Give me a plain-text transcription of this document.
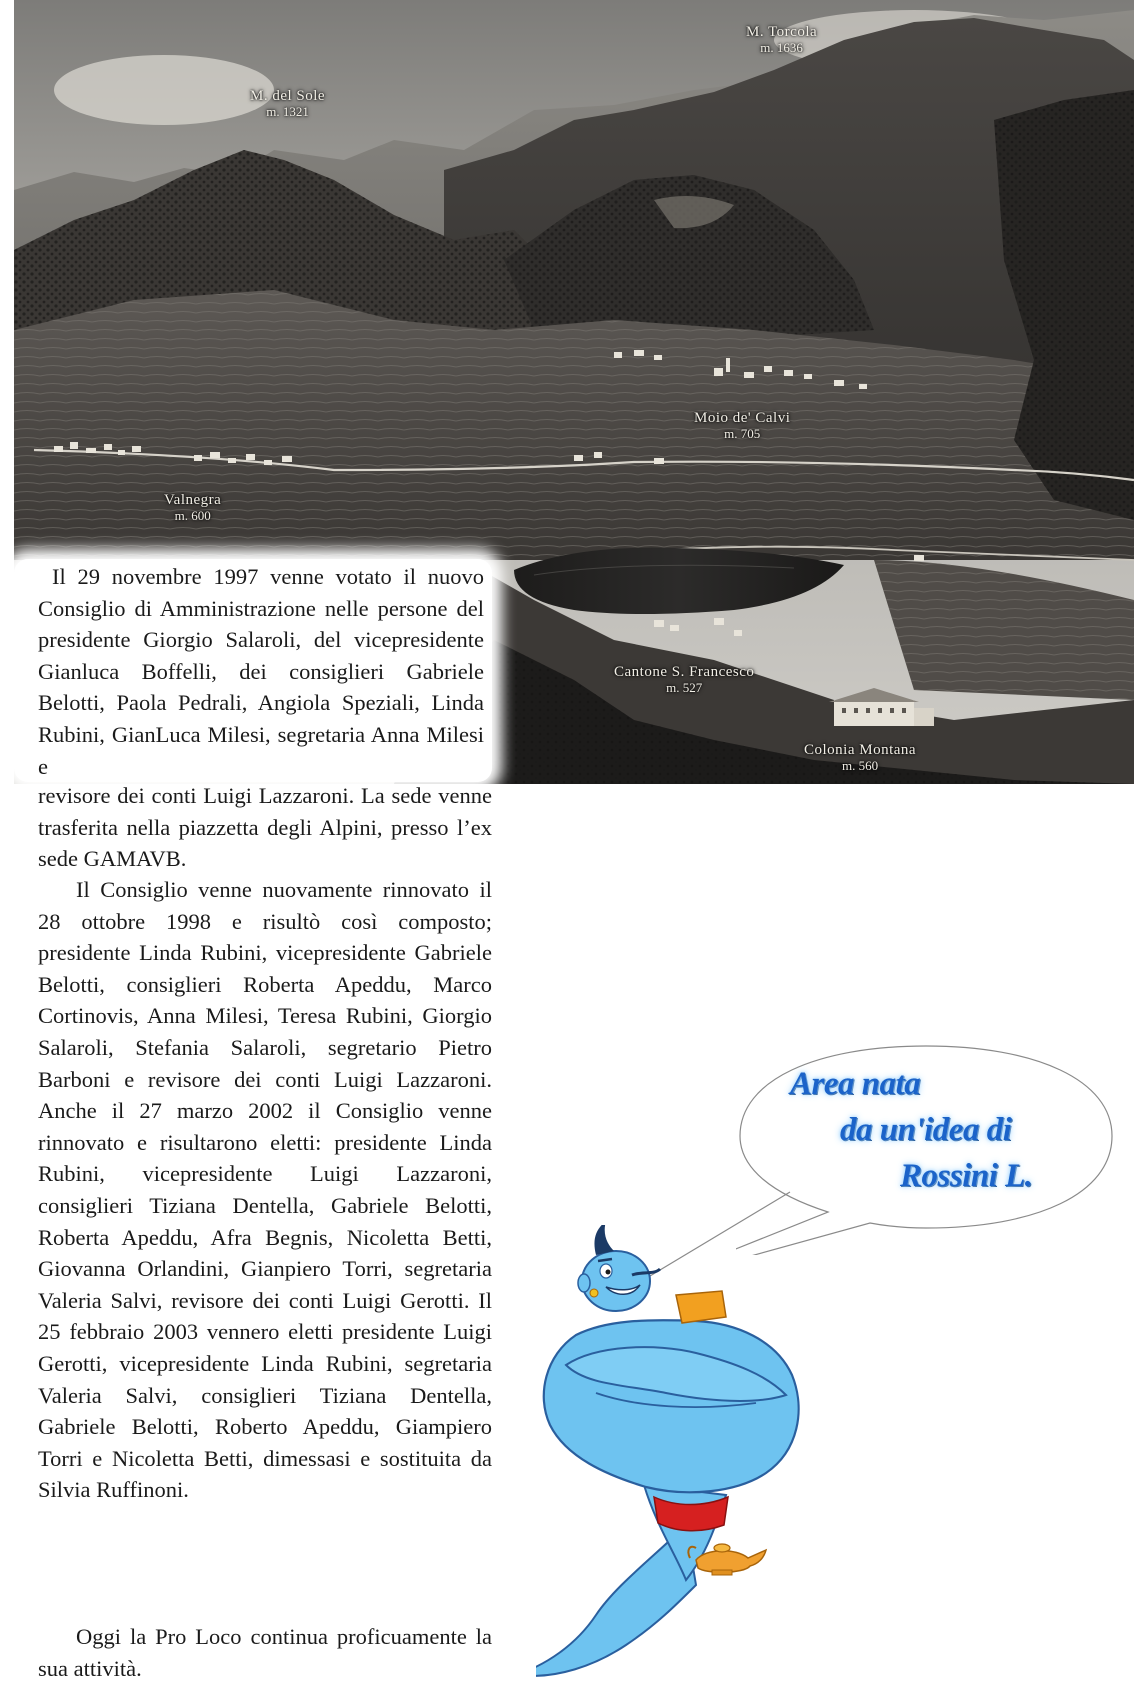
M. del Sole
m. 1321
M. Torcola
m. 1636
Valnegra
m. 600
Moio de' Calvi
m. 705
Cantone S. Francesco
m. 527
Colonia Montana
m. 560

Il 29 novembre 1997 venne votato il nuovo Consiglio di Amministrazione nelle persone del presidente Giorgio Salaroli, del vicepresidente Gianluca Boffelli, dei consiglieri Gabriele Belotti, Paola Pedrali, Angiola Speziali, Linda Rubini, GianLuca Milesi, segretaria Anna Milesi e

revisore dei conti Luigi Lazzaroni. La sede venne trasferita nella piazzetta degli Alpini, presso l’ex sede GAMAVB.

Il Consiglio venne nuovamente rinnovato il 28 ottobre 1998 e risultò così composto; presidente Linda Rubini, vicepresidente Gabriele Belotti, consiglieri Roberta Apeddu, Marco Cortinovis, Anna Milesi, Teresa Rubini, Giorgio Salaroli, Stefania Salaroli, segretario Pietro Barboni e revisore dei conti Luigi Lazzaroni. Anche il 27 marzo 2002 il Consiglio venne rinnovato e risultarono eletti: presidente Linda Rubini, vicepresidente Luigi Lazzaroni, consiglieri Tiziana Dentella, Gabriele Belotti, Roberta Apeddu, Afra Begnis, Nicoletta Betti, Giovanna Orlandini, Gianpiero Torri, segretaria Valeria Salvi, revisore dei conti Luigi Gerotti. Il 25 febbraio 2003 vennero eletti presidente Luigi Gerotti, vicepresidente Linda Rubini, segretaria Valeria Salvi, consiglieri Tiziana Dentella, Gabriele Belotti, Roberto Apeddu, Giampiero Torri e Nicoletta Betti, dimessasi e sostituita da Silvia Ruffinoni.

Oggi la Pro Loco continua proficuamente la sua attività.

Area nata
da un'idea di
Rossini L.
